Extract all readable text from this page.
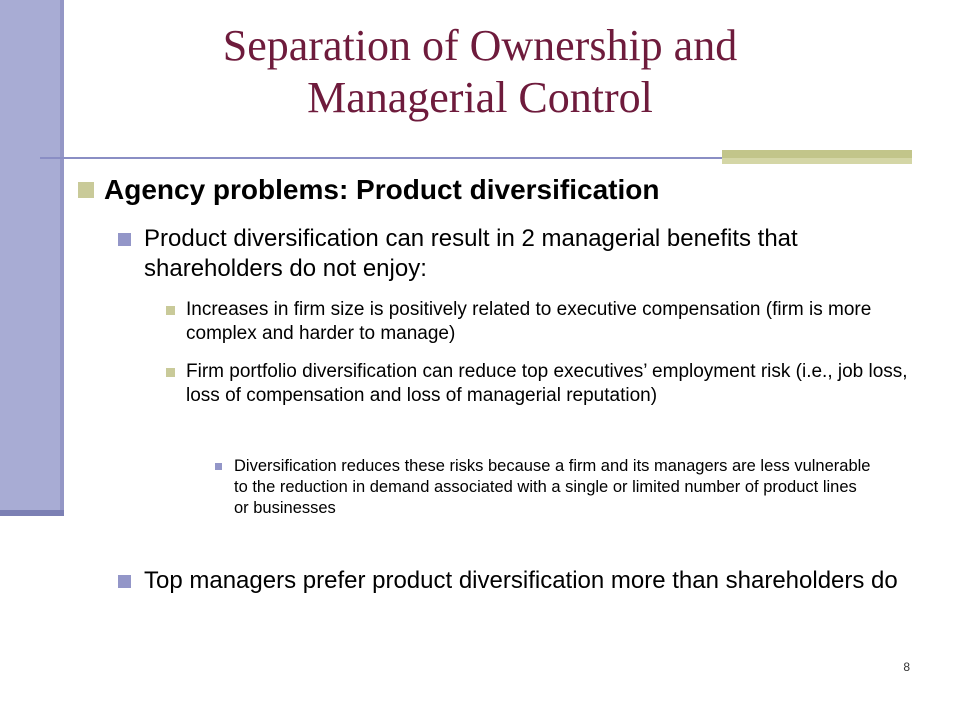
Separation of Ownership and
Managerial Control
Agency problems: Product diversification
Product diversification can result in 2 managerial benefits that shareholders do not enjoy:
Increases in firm size is positively related to executive compensation (firm is more complex and harder to manage)
Firm portfolio diversification can reduce top executives’ employment risk (i.e., job loss, loss of compensation and loss of managerial reputation)
Diversification reduces these risks because a firm and its managers are less vulnerable to the reduction in demand associated with a single or limited number of product lines or businesses
Top managers prefer product diversification more than shareholders do
8
